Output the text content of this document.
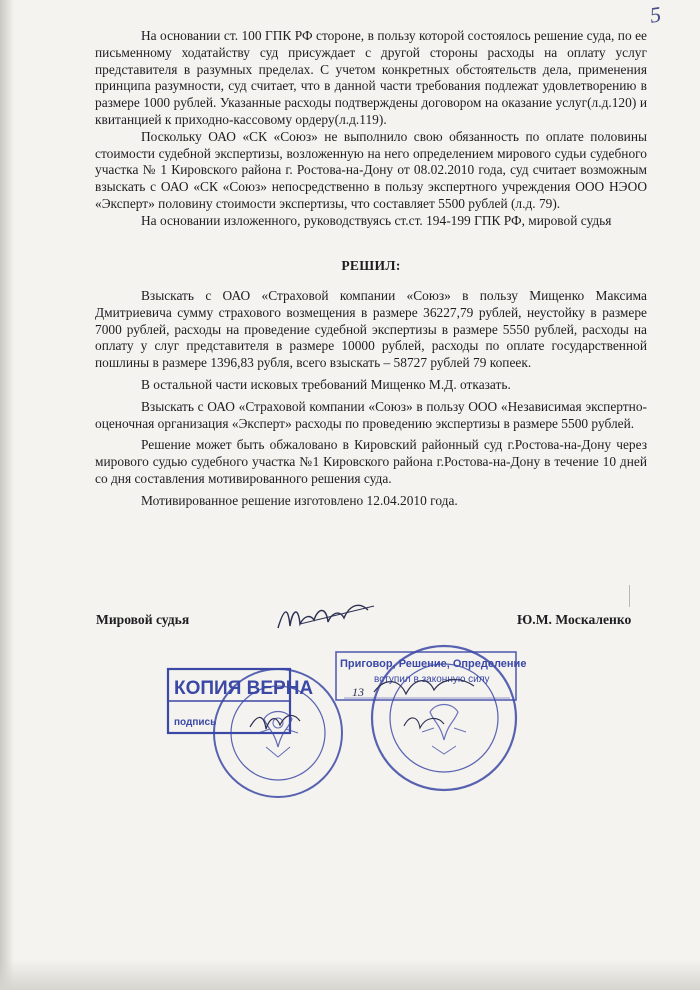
5

На основании ст. 100 ГПК РФ стороне, в пользу которой состоялось решение суда, по ее письменному ходатайству суд присуждает с другой стороны расходы на оплату услуг представителя в разумных пределах. С учетом конкретных обстоятельств дела, применения принципа разумности, суд считает, что в данной части требования подлежат удовлетворению в размере 1000 рублей. Указанные расходы подтверждены договором на оказание услуг(л.д.120) и квитанцией к приходно-кассовому ордеру(л.д.119).

Поскольку ОАО «СК «Союз» не выполнило свою обязанность по оплате половины стоимости судебной экспертизы, возложенную на него определением мирового судьи судебного участка № 1 Кировского района г. Ростова-на-Дону от 08.02.2010 года, суд считает возможным взыскать с ОАО «СК «Союз» непосредственно в пользу экспертного учреждения ООО НЭОО «Эксперт» половину стоимости экспертизы, что составляет 5500 рублей (л.д. 79).

На основании изложенного, руководствуясь ст.ст. 194-199 ГПК РФ, мировой судья

РЕШИЛ:

Взыскать с ОАО «Страховой компании «Союз» в пользу Мищенко Максима Дмитриевича сумму страхового возмещения в размере 36227,79 рублей, неустойку в размере 7000 рублей, расходы на проведение судебной экспертизы в размере 5550 рублей, расходы на оплату у слуг представителя в размере 10000 рублей, расходы по оплате государственной пошлины в размере 1396,83 рубля, всего взыскать – 58727 рублей 79 копеек.

В остальной части исковых требований Мищенко М.Д. отказать.

Взыскать с ОАО «Страховой компании «Союз» в пользу ООО «Независимая экспертно-оценочная организация «Эксперт» расходы по проведению экспертизы в размере 5500 рублей.

Решение может быть обжаловано в Кировский районный суд г.Ростова-на-Дону через мирового судью судебного участка №1 Кировского района г.Ростова-на-Дону в течение 10 дней со дня составления мотивированного решения суда.

Мотивированное решение изготовлено 12.04.2010 года.

Мировой судья	Ю.М. Москаленко
КОПИЯ ВЕРНА
подпись
Приговор, Решение, Определение
вступил в законную силу
13
